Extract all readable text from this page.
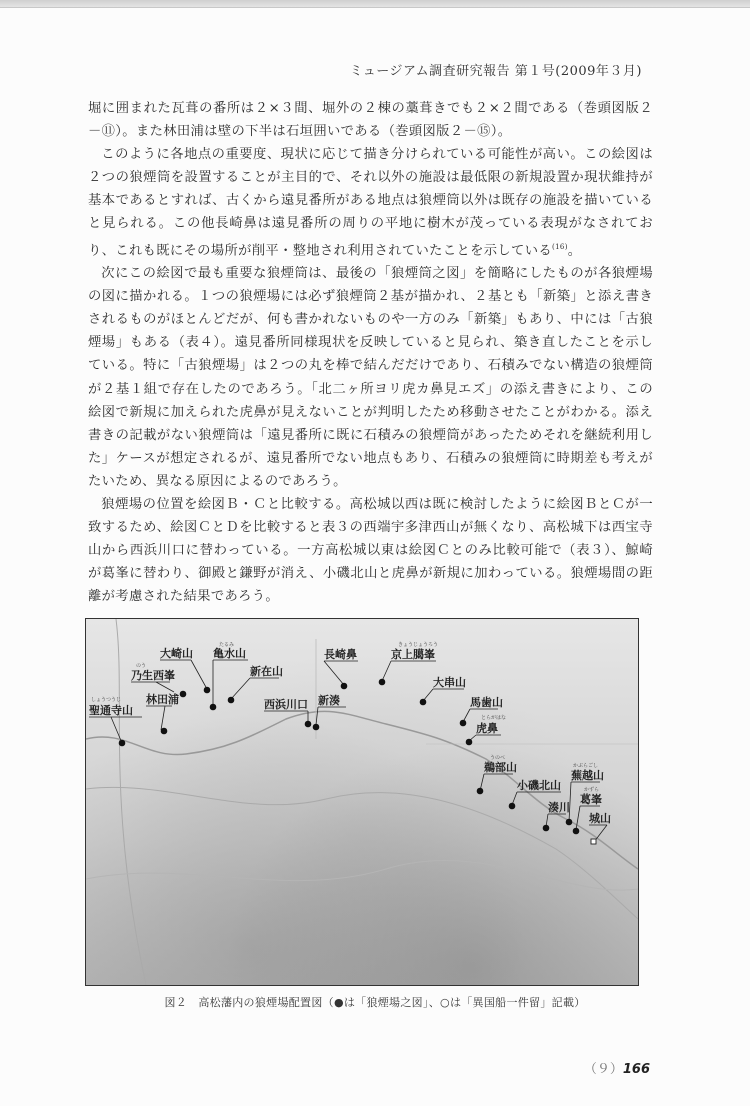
ミュージアム調査研究報告 第１号(2009年３月)

堀に囲まれた瓦葺の番所は２×３間、堀外の２棟の藁葺きでも２×２間である（巻頭図版２－⑪）。また林田浦は壁の下半は石垣囲いである（巻頭図版２－⑮）。

このように各地点の重要度、現状に応じて描き分けられている可能性が高い。この絵図は２つの狼煙筒を設置することが主目的で、それ以外の施設は最低限の新規設置か現状維持が基本であるとすれば、古くから遠見番所がある地点は狼煙筒以外は既存の施設を描いていると見られる。この他長崎鼻は遠見番所の周りの平地に樹木が茂っている表現がなされており、これも既にその場所が削平・整地され利用されていたことを示している$^{(16)}$。

次にこの絵図で最も重要な狼煙筒は、最後の「狼煙筒之図」を簡略にしたものが各狼煙場の図に描かれる。１つの狼煙場には必ず狼煙筒２基が描かれ、２基とも「新築」と添え書きされるものがほとんどだが、何も書かれないものや一方のみ「新築」もあり、中には「古狼煙場」もある（表４）。遠見番所同様現状を反映していると見られ、築き直したことを示している。特に「古狼煙場」は２つの丸を棒で結んだだけであり、石積みでない構造の狼煙筒が２基１組で存在したのであろう。「北二ヶ所ヨリ虎カ鼻見エズ」の添え書きにより、この絵図で新規に加えられた虎鼻が見えないことが判明したため移動させたことがわかる。添え書きの記載がない狼煙筒は「遠見番所に既に石積みの狼煙筒があったためそれを継続利用した」ケースが想定されるが、遠見番所でない地点もあり、石積みの狼煙筒に時期差も考えがたいため、異なる原因によるのであろう。

狼煙場の位置を絵図Ｂ・Ｃと比較する。高松城以西は既に検討したように絵図ＢとＣが一致するため、絵図ＣとＤを比較すると表３の西端宇多津西山が無くなり、高松城下は西宝寺山から西浜川口に替わっている。一方高松城以東は絵図Ｃとのみ比較可能で（表３）、鯨崎が葛峯に替わり、御殿と鎌野が消え、小磯北山と虎鼻が新規に加わっている。狼煙場間の距離が考慮された結果であろう。

聖通寺山
乃生西峯
林田浦
大崎山 亀水山
新在山
西浜川口 新湊
長崎鼻	京上臈峯
大串山
馬歯山
虎鼻
鵜部山
小磯北山
湊川
蕪越山
葛峯
城山
しょうつうじ
のう
たるみ	きょうじょうろう
とらがはな
うのべ
かぶらごし
かずら
図２　高松藩内の狼煙場配置図（●は「狼煙場之図」、○は「異国船一件留」記載）
（９）166
